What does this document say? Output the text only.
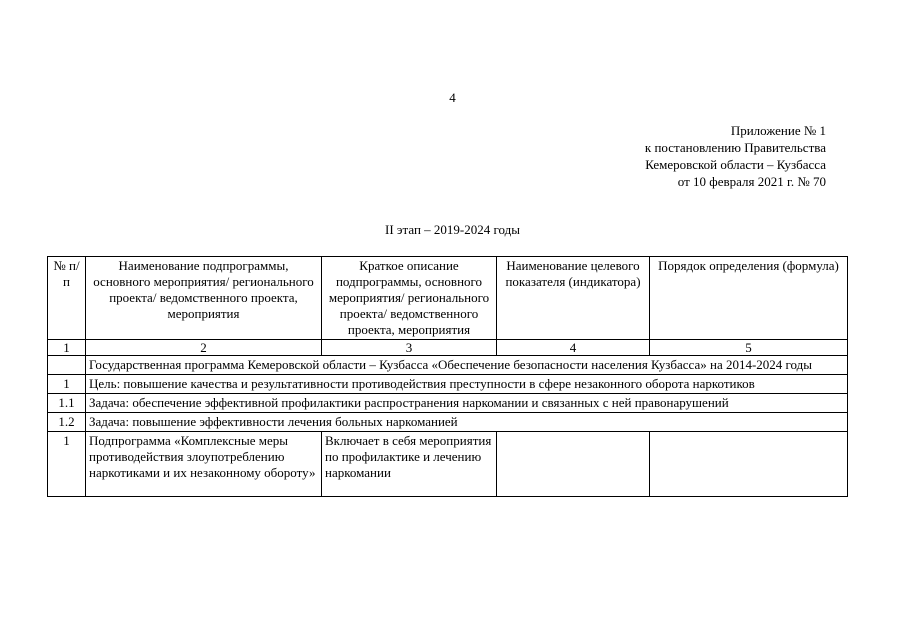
4
Приложение № 1
к постановлению Правительства
Кемеровской области – Кузбасса
от 10 февраля 2021 г. № 70
II этап – 2019-2024 годы
№ п/п	Наименование подпрограммы, основного мероприятия/ регионального проекта/ ведомственного проекта, мероприятия	Краткое описание подпрограммы, основного мероприятия/ регионального проекта/ ведомственного проекта, мероприятия	Наименование целевого показателя (индикатора)	Порядок определения (формула)
1	2	3	4	5
	Государственная программа Кемеровской области – Кузбасса «Обеспечение безопасности населения Кузбасса» на 2014-2024 годы			
1	Цель: повышение качества и результативности противодействия преступности в сфере незаконного оборота наркотиков			
1.1	Задача: обеспечение эффективной профилактики распространения наркомании и связанных с ней правонарушений			
1.2	Задача: повышение эффективности лечения больных наркоманией			
1	Подпрограмма «Комплексные меры противодействия злоупотреблению наркотиками и их незаконному обороту»	Включает в себя мероприятия по профилактике и лечению наркомании		
